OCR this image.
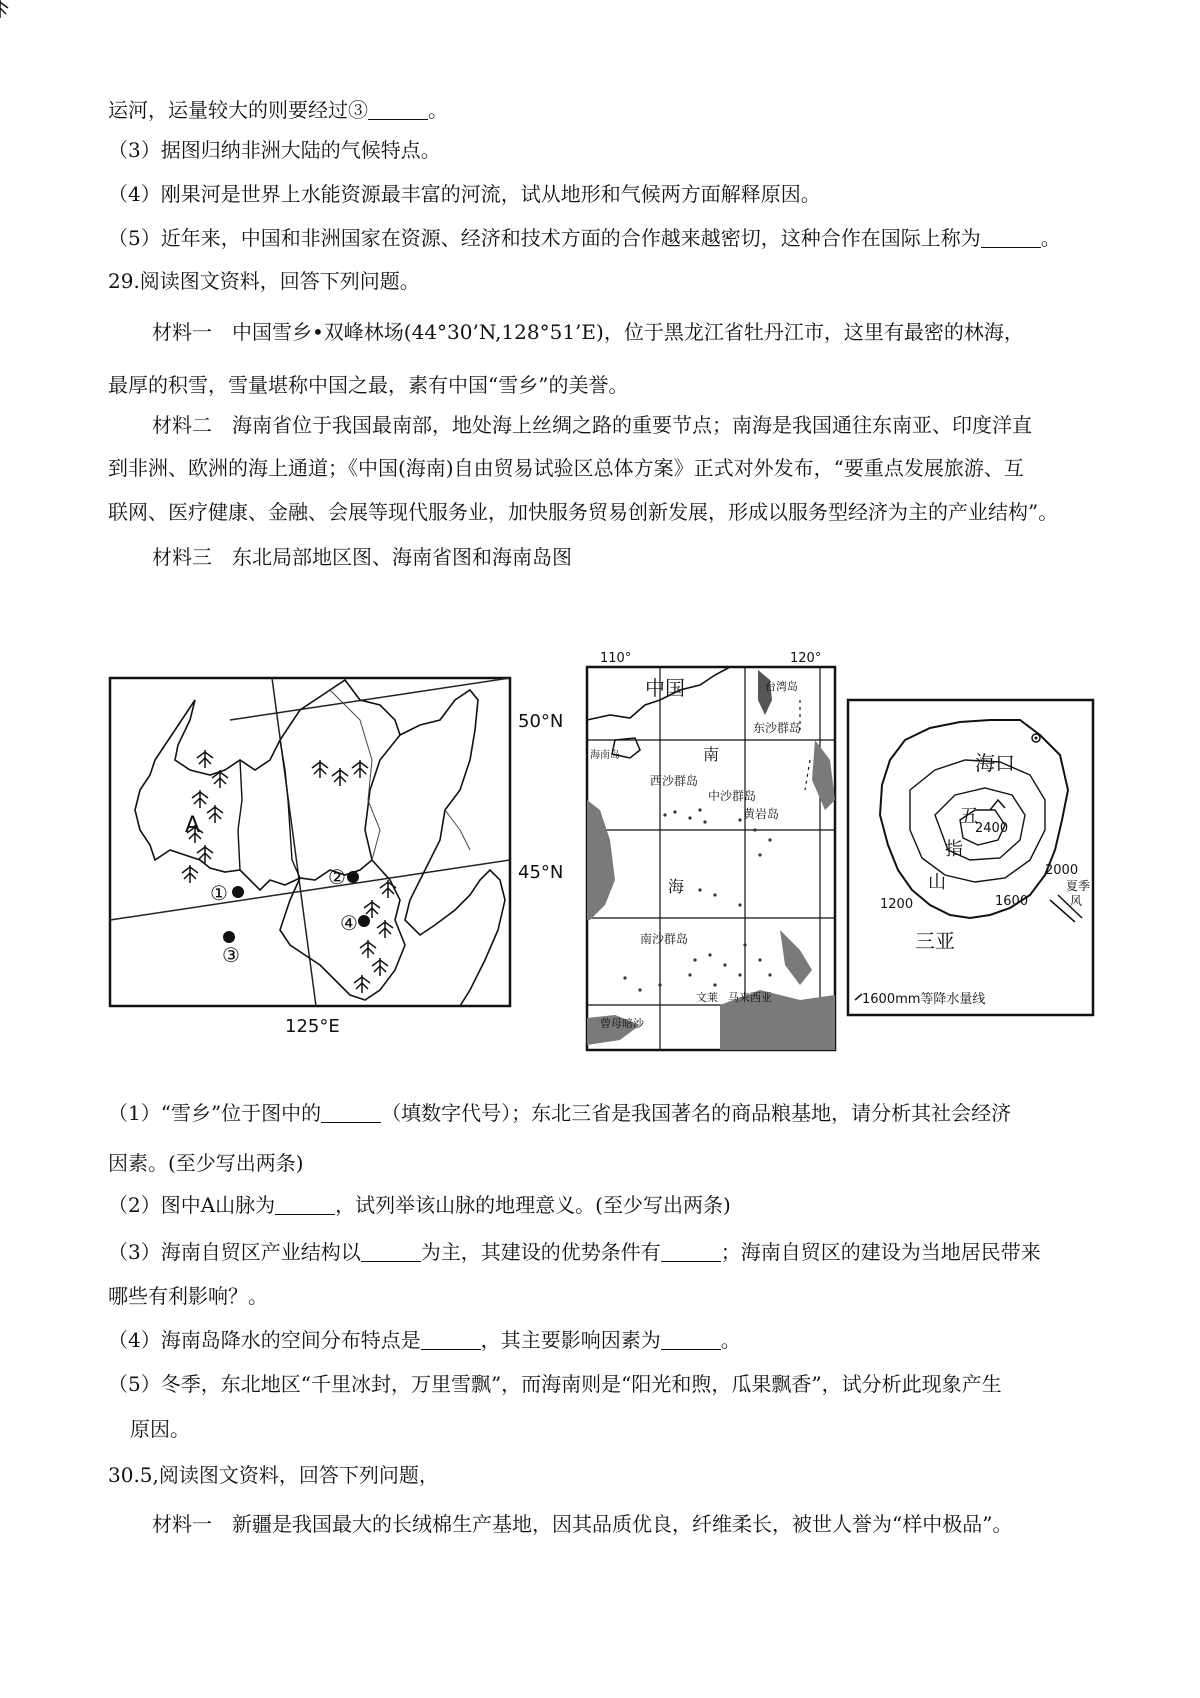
运河，运量较大的则要经过③	。
（3）据图归纳非洲大陆的气候特点。
（4）刚果河是世界上水能资源最丰富的河流，试从地形和气候两方面解释原因。
（5）近年来，中国和非洲国家在资源、经济和技术方面的合作越来越密切，这种合作在国际上称为	。
29.阅读图文资料，回答下列问题。
材料一　中国雪乡•双峰林场(44°30’N,128°51’E)，位于黑龙江省牡丹江市，这里有最密的林海，
最厚的积雪，雪量堪称中国之最，素有中国“雪乡”的美誉。
材料二　海南省位于我国最南部，地处海上丝绸之路的重要节点；南海是我国通往东南亚、印度洋直
到非洲、欧洲的海上通道；《中国(海南)自由贸易试验区总体方案》正式对外发布，“要重点发展旅游、互
联网、医疗健康、金融、会展等现代服务业，加快服务贸易创新发展，形成以服务型经济为主的产业结构”。
材料三　东北局部地区图、海南省图和海南岛图
A
①
③
②
④
50°N
45°N
125°E
110°	120°
中国	台湾岛
东沙群岛
海南岛	南
西沙群岛
中沙群岛
黄岩岛
海
南沙群岛
文莱 马来西亚
曾母暗沙
海口
五
指
山
三亚
2400
2000
1600
1200
夏季
风
1600mm等降水量线
（1）“雪乡”位于图中的	（填数字代号）；东北三省是我国著名的商品粮基地，请分析其社会经济
因素。(至少写出两条)
（2）图中A山脉为	，试列举该山脉的地理意义。(至少写出两条)
（3）海南自贸区产业结构以	为主，其建设的优势条件有	；海南自贸区的建设为当地居民带来
哪些有利影响？。
（4）海南岛降水的空间分布特点是	，其主要影响因素为	。
（5）冬季，东北地区“千里冰封，万里雪飘”，而海南则是“阳光和煦，瓜果飘香”，试分析此现象产生
原因。
30.5,阅读图文资料，回答下列问题，
材料一　新疆是我国最大的长绒棉生产基地，因其品质优良，纤维柔长，被世人誉为“样中极品”。
